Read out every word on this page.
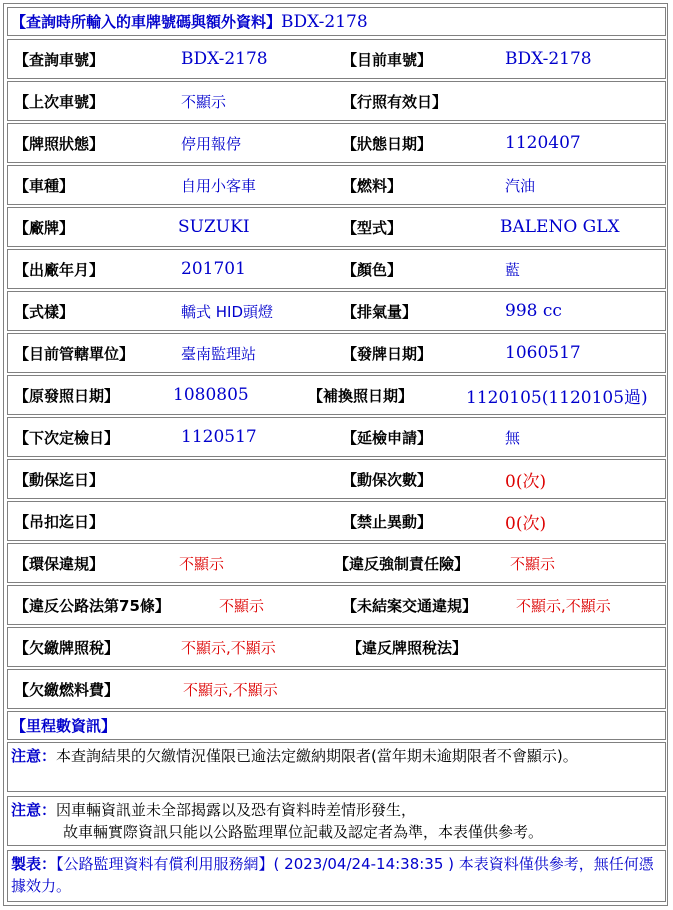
【查詢時所輸入的車牌號碼與額外資料】 BDX-2178
【查詢車號】	BDX-2178	【目前車號】	BDX-2178
【上次車號】	不顯示	【行照有效日】
【牌照狀態】	停用報停	【狀態日期】	1120407
【車種】	自用小客車	【燃料】	汽油
【廠牌】	SUZUKI	【型式】	BALENO GLX
【出廠年月】	201701	【顏色】	藍
【式樣】	轎式 HID頭燈	【排氣量】	998 cc
【目前管轄單位】	臺南監理站	【發牌日期】	1060517
【原發照日期】	1080805	【補換照日期】	1120105(1120105過)
【下次定檢日】	1120517	【延檢申請】	無
【動保迄日】	【動保次數】	0(次)
【吊扣迄日】	【禁止異動】	0(次)
【環保違規】	不顯示	【違反強制責任險】	不顯示
【違反公路法第75條】	不顯示	【未結案交通違規】	不顯示,不顯示
【欠繳牌照稅】	不顯示,不顯示	【違反牌照稅法】
【欠繳燃料費】	不顯示,不顯示
【里程數資訊】
注意：本查詢結果的欠繳情況僅限已逾法定繳納期限者(當年期未逾期限者不會顯示)。
注意：因車輛資訊並未全部揭露以及恐有資料時差情形發生，
故車輛實際資訊只能以公路監理單位記載及認定者為準，本表僅供參考。
製表：【公路監理資料有償利用服務網】( 2023/04/24-14:38:35 ) 本表資料僅供參考，無任何憑據效力。
